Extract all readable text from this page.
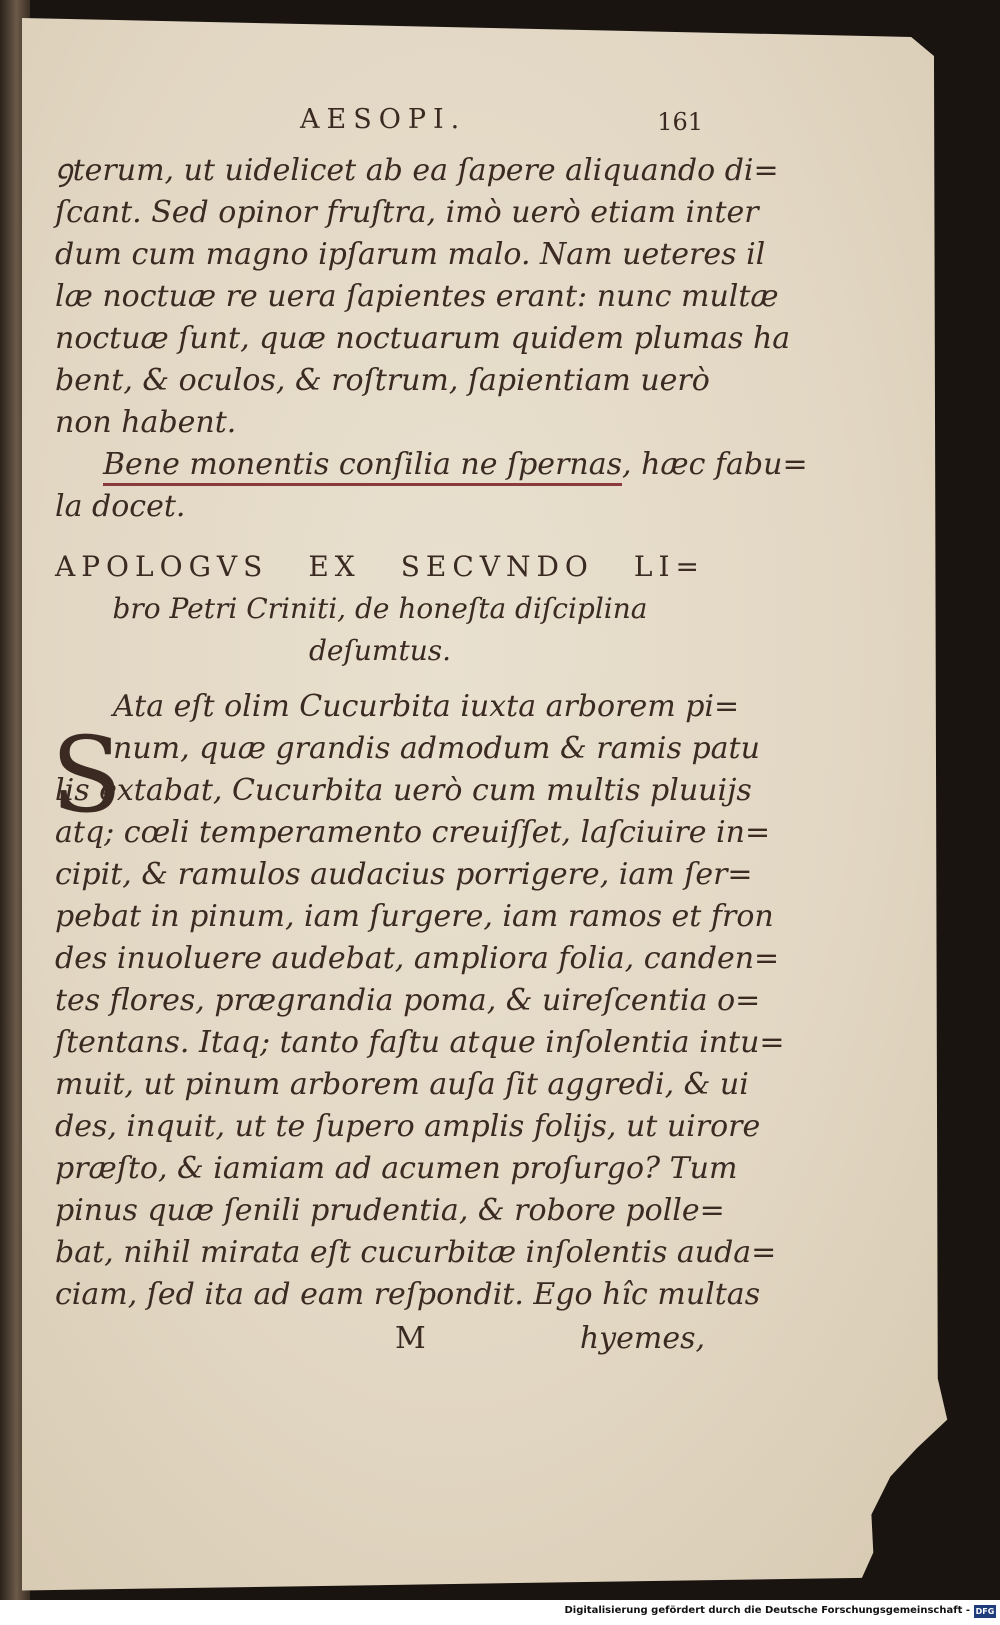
AESOPI.	161
ꝯterum, ut uidelicet ab ea ſapere aliquando di=
ſcant. Sed opinor fruſtra, imò uerò etiam inter
dum cum magno ipſarum malo. Nam ueteres il
læ noctuæ re uera ſapientes erant: nunc multæ
noctuæ ſunt, quæ noctuarum quidem plumas ha
bent, & oculos, & roſtrum, ſapientiam uerò
non habent.
Bene monentis conſilia ne ſpernas, hæc fabu=
la docet.
APOLOGVS EX SECVNDO LI=
bro Petri Criniti, de honeſta diſciplina
deſumtus.
S
Ata eſt olim Cucurbita iuxta arborem pi=
num, quæ grandis admodum & ramis patu
lis extabat, Cucurbita uerò cum multis pluuijs
atq; cœli temperamento creuiſſet, laſciuire in=
cipit, & ramulos audacius porrigere, iam ſer=
pebat in pinum, iam ſurgere, iam ramos et fron
des inuoluere audebat, ampliora folia, canden=
tes flores, prægrandia poma, & uireſcentia o=
ſtentans. Itaq; tanto faſtu atque inſolentia intu=
muit, ut pinum arborem auſa ſit aggredi, & ui
des, inquit, ut te ſupero amplis folijs, ut uirore
præſto, & iamiam ad acumen proſurgo? Tum
pinus quæ ſenili prudentia, & robore polle=
bat, nihil mirata eſt cucurbitæ inſolentis auda=
ciam, ſed ita ad eam reſpondit. Ego hîc multas
M	hyemes,
Digitalisierung gefördert durch die Deutsche Forschungsgemeinschaft - DFG
